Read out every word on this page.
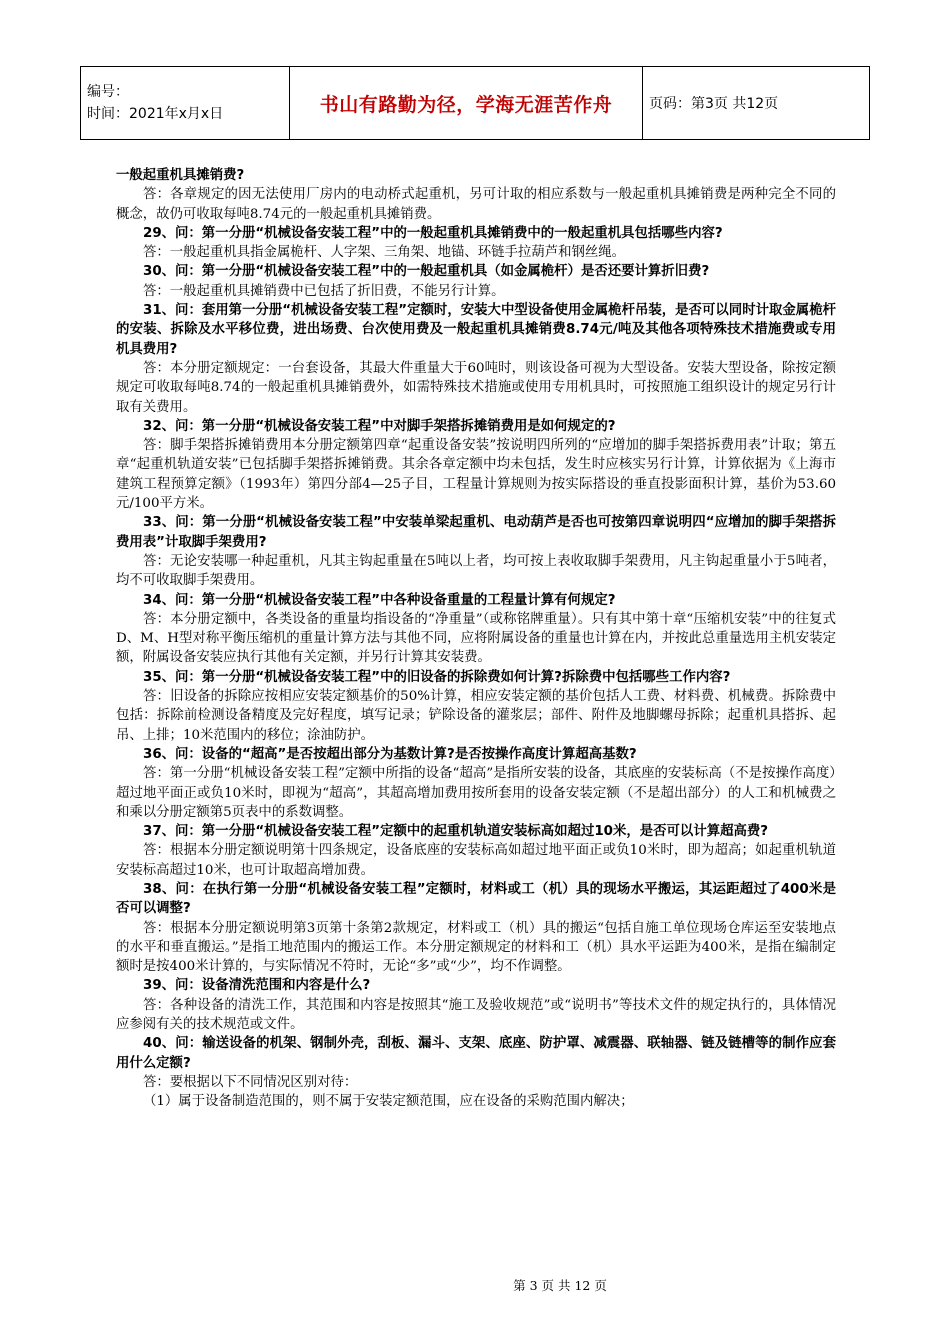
编号：
时间：2021年x月x日	书山有路勤为径，学海无涯苦作舟	页码：第3页 共12页

一般起重机具摊销费?

答：各章规定的因无法使用厂房内的电动桥式起重机，另可计取的相应系数与一般起重机具摊销费是两种完全不同的概念，故仍可收取每吨8.74元的一般起重机具摊销费。

29、问：第一分册“机械设备安装工程”中的一般起重机具摊销费中的一般起重机具包括哪些内容?

答：一般起重机具指金属桅杆、人字架、三角架、地锚、环链手拉葫芦和钢丝绳。

30、问：第一分册“机械设备安装工程”中的一般起重机具（如金属桅杆）是否还要计算折旧费?

答：一般起重机具摊销费中已包括了折旧费，不能另行计算。

31、问：套用第一分册“机械设备安装工程”定额时，安装大中型设备使用金属桅杆吊装，是否可以同时计取金属桅杆的安装、拆除及水平移位费，进出场费、台次使用费及一般起重机具摊销费8.74元/吨及其他各项特殊技术措施费或专用机具费用?

答：本分册定额规定：一台套设备，其最大件重量大于60吨时，则该设备可视为大型设备。安装大型设备，除按定额规定可收取每吨8.74的一般起重机具摊销费外，如需特殊技术措施或使用专用机具时，可按照施工组织设计的规定另行计取有关费用。

32、问：第一分册“机械设备安装工程”中对脚手架搭拆摊销费用是如何规定的?

答：脚手架搭拆摊销费用本分册定额第四章“起重设备安装”按说明四所列的“应增加的脚手架搭拆费用表”计取；第五章“起重机轨道安装”已包括脚手架搭拆摊销费。其余各章定额中均未包括，发生时应核实另行计算，计算依据为《上海市建筑工程预算定额》（1993年）第四分部4—25子目，工程量计算规则为按实际搭设的垂直投影面积计算，基价为53.60元/100平方米。

33、问：第一分册“机械设备安装工程”中安装单梁起重机、电动葫芦是否也可按第四章说明四“应增加的脚手架搭拆费用表”计取脚手架费用?

答：无论安装哪一种起重机，凡其主钩起重量在5吨以上者，均可按上表收取脚手架费用，凡主钩起重量小于5吨者，均不可收取脚手架费用。

34、问：第一分册“机械设备安装工程”中各种设备重量的工程量计算有何规定?

答：本分册定额中，各类设备的重量均指设备的“净重量”（或称铭牌重量）。只有其中第十章“压缩机安装”中的往复式D、M、H型对称平衡压缩机的重量计算方法与其他不同，应将附属设备的重量也计算在内，并按此总重量选用主机安装定额，附属设备安装应执行其他有关定额，并另行计算其安装费。

35、问：第一分册“机械设备安装工程”中的旧设备的拆除费如何计算?拆除费中包括哪些工作内容?

答：旧设备的拆除应按相应安装定额基价的50%计算，相应安装定额的基价包括人工费、材料费、机械费。拆除费中包括：拆除前检测设备精度及完好程度，填写记录；铲除设备的灌浆层；部件、附件及地脚螺母拆除；起重机具搭拆、起吊、上排；10米范围内的移位；涂油防护。

36、问：设备的“超高”是否按超出部分为基数计算?是否按操作高度计算超高基数?

答：第一分册“机械设备安装工程”定额中所指的设备“超高”是指所安装的设备，其底座的安装标高（不是按操作高度）超过地平面正或负10米时，即视为“超高”，其超高增加费用按所套用的设备安装定额（不是超出部分）的人工和机械费之和乘以分册定额第5页表中的系数调整。

37、问：第一分册“机械设备安装工程”定额中的起重机轨道安装标高如超过10米，是否可以计算超高费?

答：根据本分册定额说明第十四条规定，设备底座的安装标高如超过地平面正或负10米时，即为超高；如起重机轨道安装标高超过10米，也可计取超高增加费。

38、问：在执行第一分册“机械设备安装工程”定额时，材料或工（机）具的现场水平搬运，其运距超过了400米是否可以调整?

答：根据本分册定额说明第3页第十条第2款规定，材料或工（机）具的搬运“包括自施工单位现场仓库运至安装地点的水平和垂直搬运。”是指工地范围内的搬运工作。本分册定额规定的材料和工（机）具水平运距为400米，是指在编制定额时是按400米计算的，与实际情况不符时，无论“多”或“少”，均不作调整。

39、问：设备清洗范围和内容是什么?

答：各种设备的清洗工作，其范围和内容是按照其“施工及验收规范”或“说明书”等技术文件的规定执行的，具体情况应参阅有关的技术规范或文件。

40、问：输送设备的机架、钢制外壳，刮板、漏斗、支架、底座、防护罩、减震器、联轴器、链及链槽等的制作应套用什么定额?

答：要根据以下不同情况区别对待：

（1）属于设备制造范围的，则不属于安装定额范围，应在设备的采购范围内解决；

第 3 页 共 12 页
